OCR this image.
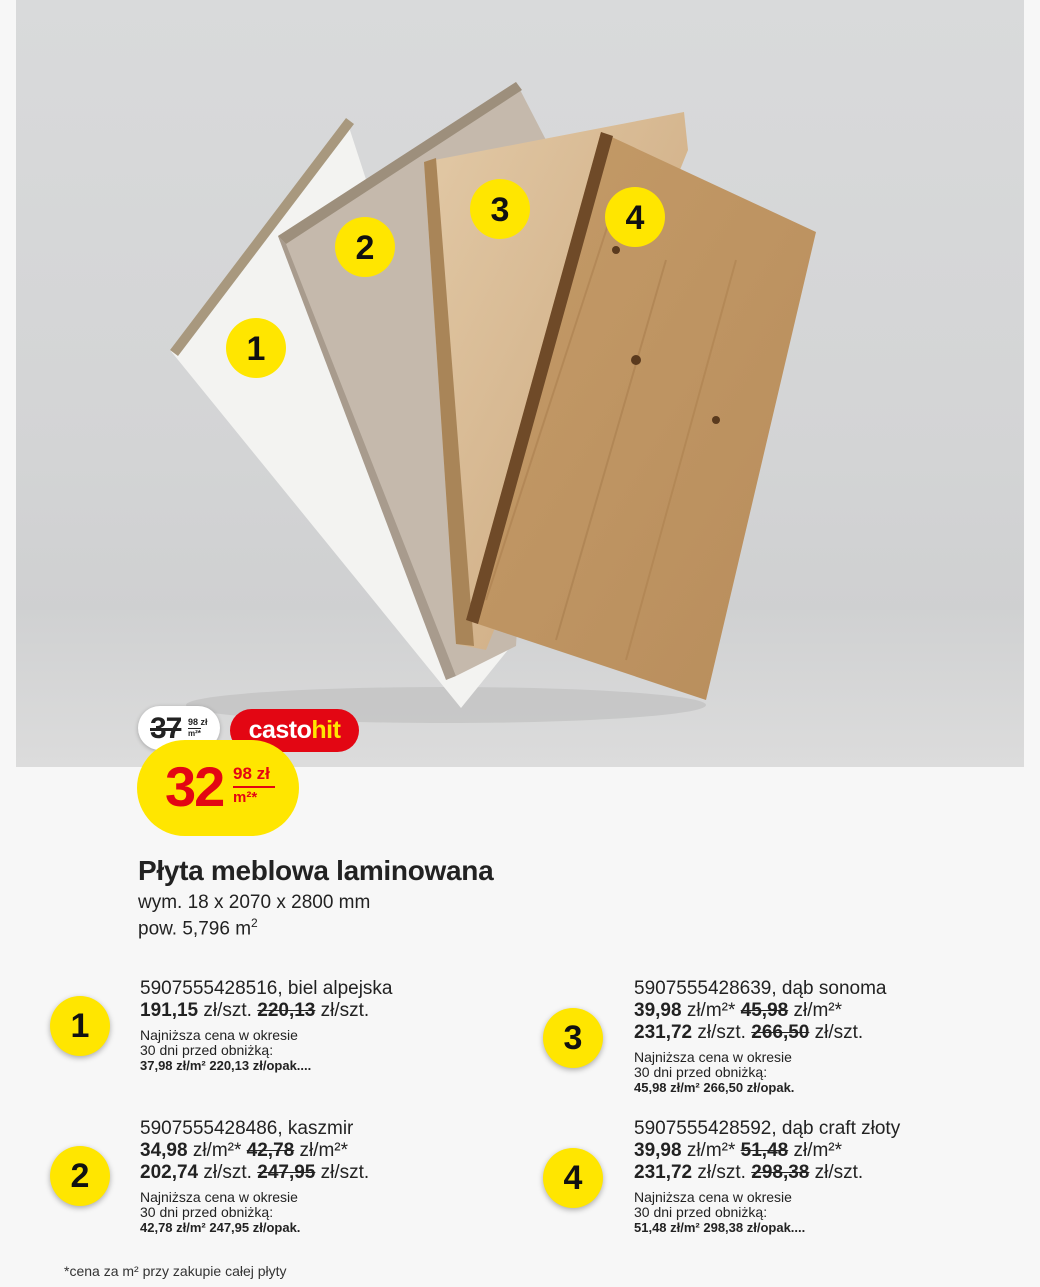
1
2
3	4
37 98 zł
m²*	castohit
32 98 zł
m²*
Płyta meblowa laminowana
wym. 18 x 2070 x 2800 mm
pow. 5,796 $m^2$
1
5907555428516, biel alpejska
191,15 zł/szt. 220,13 zł/szt.
Najniższa cena w okresie
30 dni przed obniżką:
37,98 zł/m² 220,13 zł/opak....
2
5907555428486, kaszmir
34,98 zł/m²* 42,78 zł/m²*
202,74 zł/szt. 247,95 zł/szt.
Najniższa cena w okresie
30 dni przed obniżką:
42,78 zł/m² 247,95 zł/opak.
3
5907555428639, dąb sonoma
39,98 zł/m²* 45,98 zł/m²*
231,72 zł/szt. 266,50 zł/szt.
Najniższa cena w okresie
30 dni przed obniżką:
45,98 zł/m² 266,50 zł/opak.
4
5907555428592, dąb craft złoty
39,98 zł/m²* 51,48 zł/m²*
231,72 zł/szt. 298,38 zł/szt.
Najniższa cena w okresie
30 dni przed obniżką:
51,48 zł/m² 298,38 zł/opak....
*cena za m² przy zakupie całej płyty
